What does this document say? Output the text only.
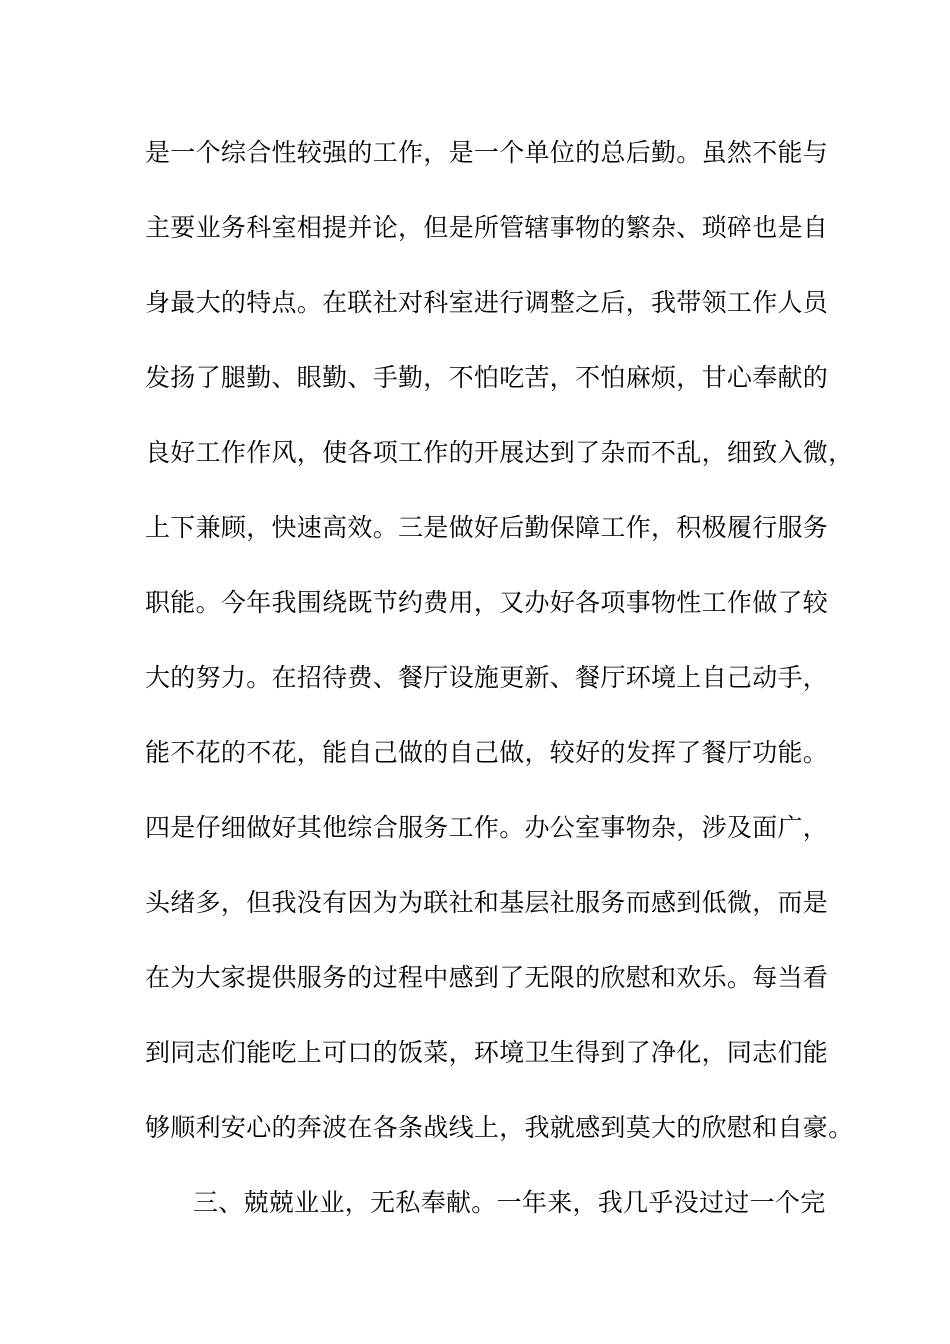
是一个综合性较强的工作，是一个单位的总后勤。虽然不能与
主要业务科室相提并论，但是所管辖事物的繁杂、琐碎也是自
身最大的特点。在联社对科室进行调整之后，我带领工作人员
发扬了腿勤、眼勤、手勤，不怕吃苦，不怕麻烦，甘心奉献的
良好工作作风，使各项工作的开展达到了杂而不乱，细致入微，
上下兼顾，快速高效。三是做好后勤保障工作，积极履行服务
职能。今年我围绕既节约费用，又办好各项事物性工作做了较
大的努力。在招待费、餐厅设施更新、餐厅环境上自己动手，
能不花的不花，能自己做的自己做，较好的发挥了餐厅功能。
四是仔细做好其他综合服务工作。办公室事物杂，涉及面广，
头绪多，但我没有因为为联社和基层社服务而感到低微，而是
在为大家提供服务的过程中感到了无限的欣慰和欢乐。每当看
到同志们能吃上可口的饭菜，环境卫生得到了净化，同志们能
够顺利安心的奔波在各条战线上，我就感到莫大的欣慰和自豪。
三、兢兢业业，无私奉献。一年来，我几乎没过过一个完
